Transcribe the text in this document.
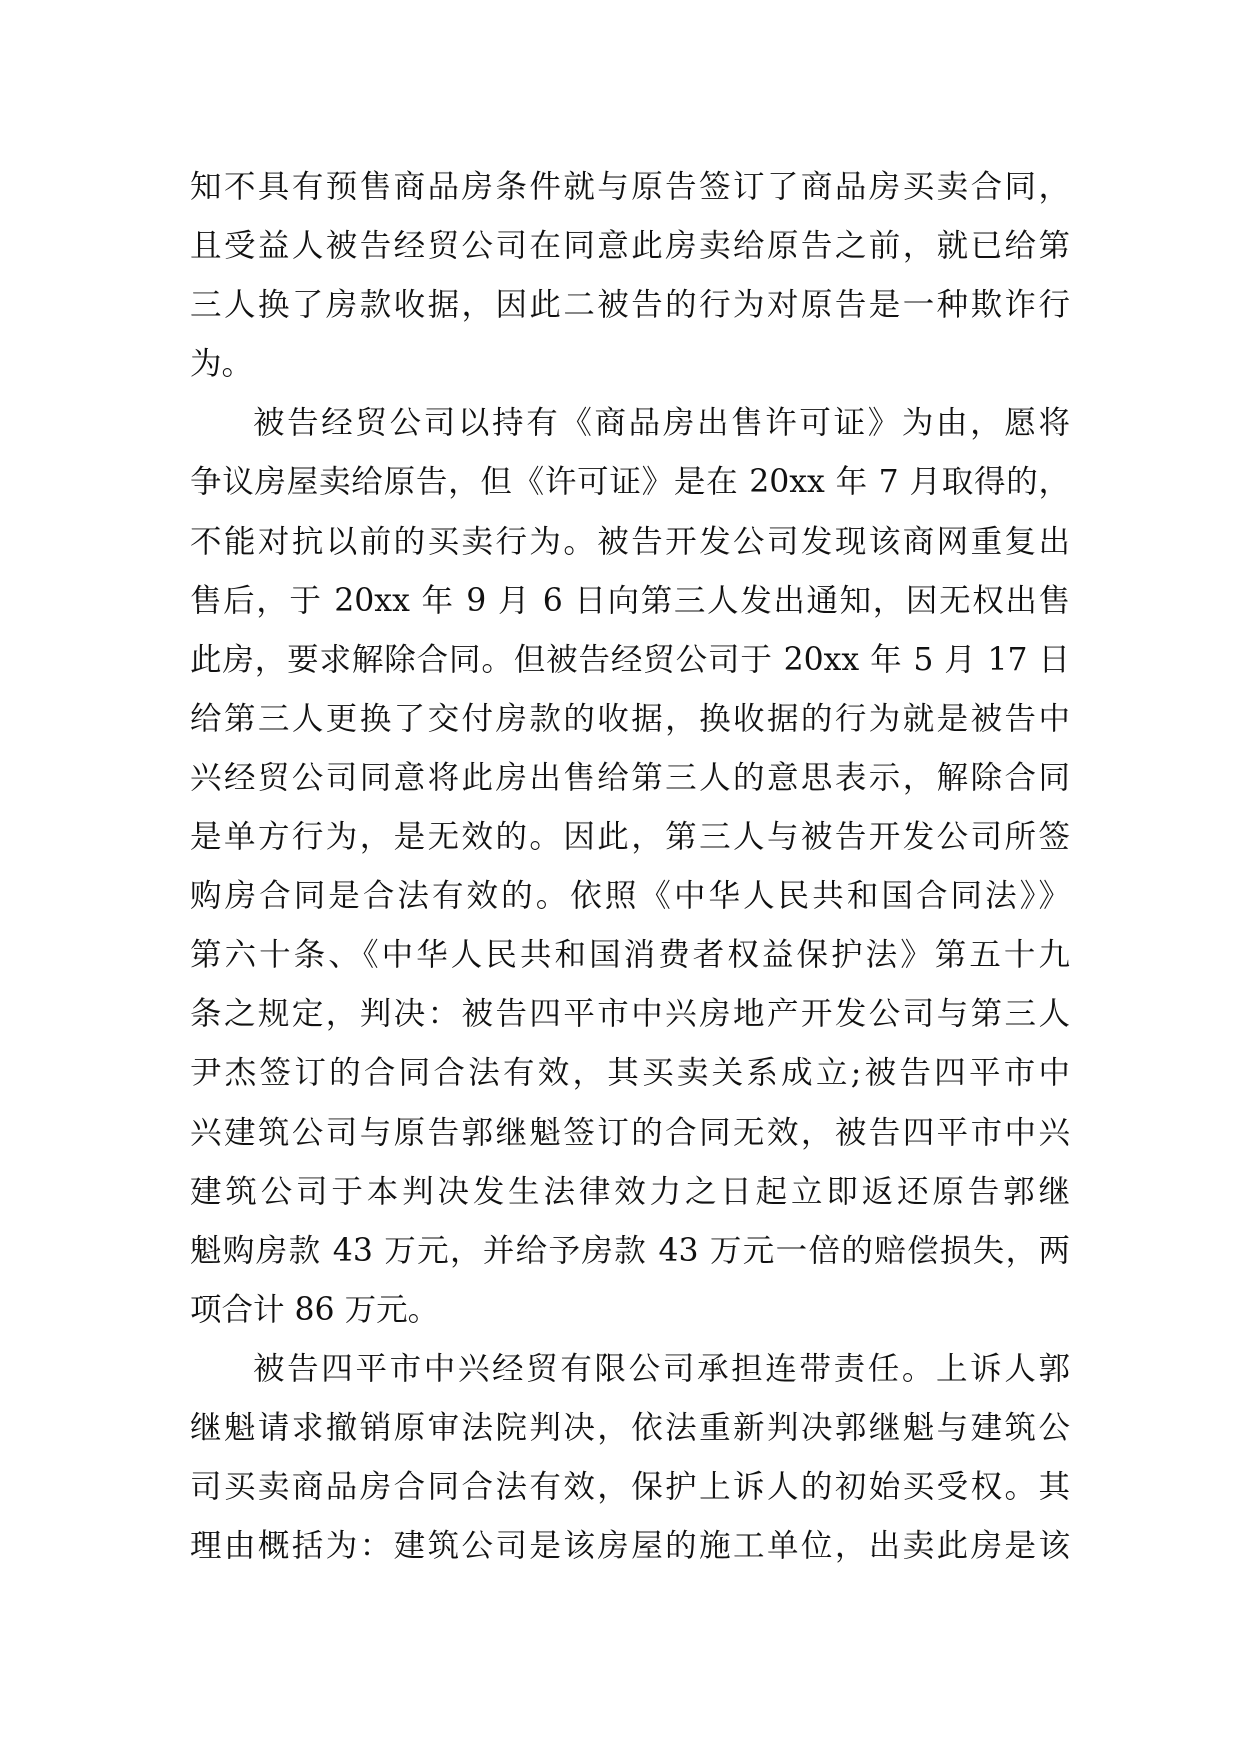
知不具有预售商品房条件就与原告签订了商品房买卖合同，
且受益人被告经贸公司在同意此房卖给原告之前，就已给第
三人换了房款收据，因此二被告的行为对原告是一种欺诈行
为。
被告经贸公司以持有《商品房出售许可证》为由，愿将
争议房屋卖给原告，但《许可证》是在 20xx 年 7 月取得的，
不能对抗以前的买卖行为。被告开发公司发现该商网重复出
售后，于 20xx 年 9 月 6 日向第三人发出通知，因无权出售
此房，要求解除合同。但被告经贸公司于 20xx 年 5 月 17 日
给第三人更换了交付房款的收据，换收据的行为就是被告中
兴经贸公司同意将此房出售给第三人的意思表示，解除合同
是单方行为，是无效的。因此，第三人与被告开发公司所签
购房合同是合法有效的。依照《中华人民共和国合同法》》
第六十条、《中华人民共和国消费者权益保护法》第五十九
条之规定，判决：被告四平市中兴房地产开发公司与第三人
尹杰签订的合同合法有效，其买卖关系成立;被告四平市中
兴建筑公司与原告郭继魁签订的合同无效，被告四平市中兴
建筑公司于本判决发生法律效力之日起立即返还原告郭继
魁购房款 43 万元，并给予房款 43 万元一倍的赔偿损失，两
项合计 86 万元。
被告四平市中兴经贸有限公司承担连带责任。上诉人郭
继魁请求撤销原审法院判决，依法重新判决郭继魁与建筑公
司买卖商品房合同合法有效，保护上诉人的初始买受权。其
理由概括为：建筑公司是该房屋的施工单位，出卖此房是该
